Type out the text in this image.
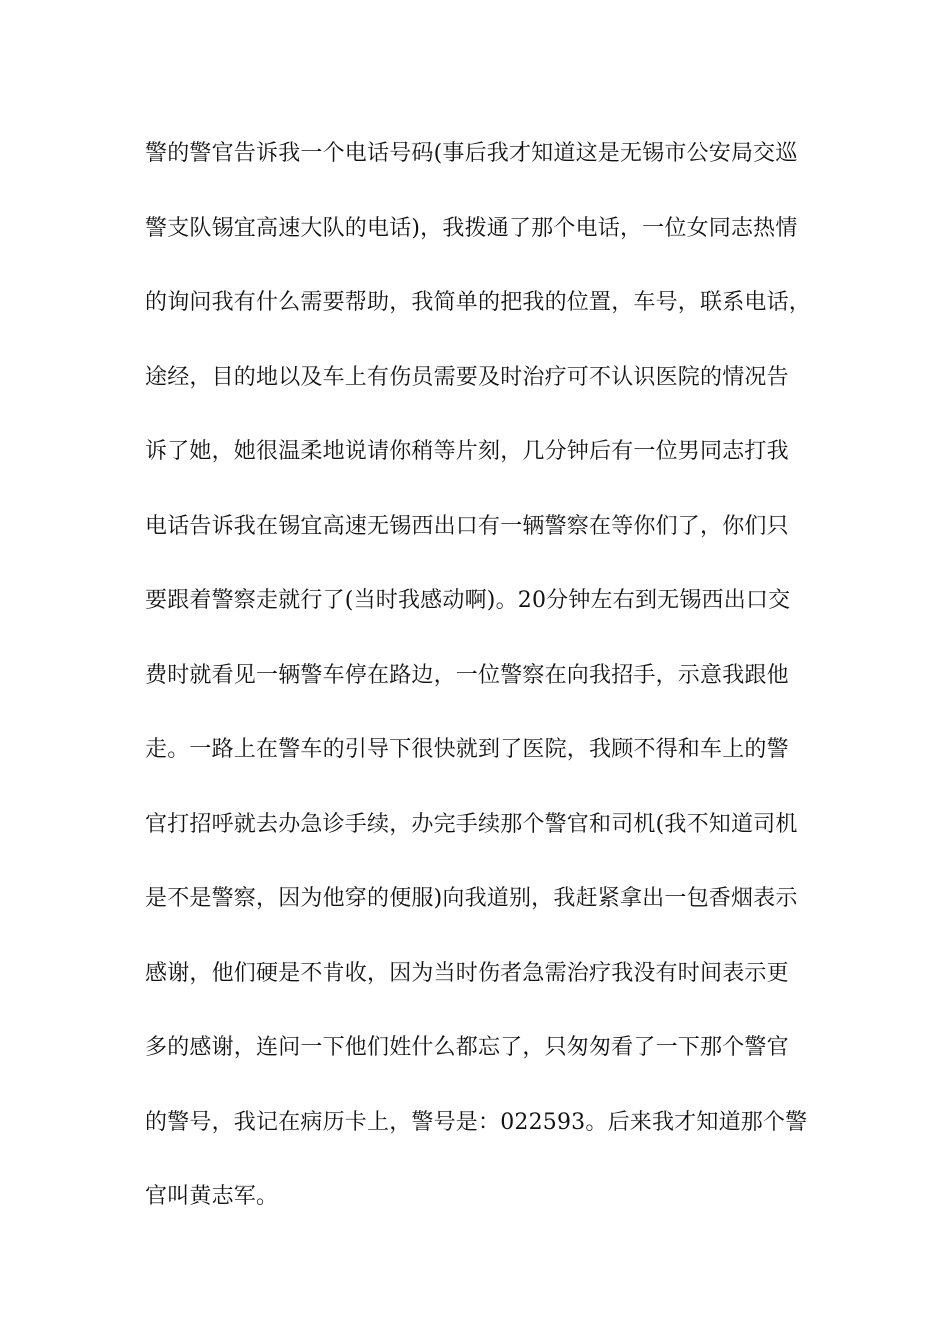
警的警官告诉我一个电话号码(事后我才知道这是无锡市公安局交巡
警支队锡宜高速大队的电话)，我拨通了那个电话，一位女同志热情
的询问我有什么需要帮助，我简单的把我的位置，车号，联系电话，
途经，目的地以及车上有伤员需要及时治疗可不认识医院的情况告
诉了她，她很温柔地说请你稍等片刻，几分钟后有一位男同志打我
电话告诉我在锡宜高速无锡西出口有一辆警察在等你们了，你们只
要跟着警察走就行了(当时我感动啊)。20分钟左右到无锡西出口交
费时就看见一辆警车停在路边，一位警察在向我招手，示意我跟他
走。一路上在警车的引导下很快就到了医院，我顾不得和车上的警
官打招呼就去办急诊手续，办完手续那个警官和司机(我不知道司机
是不是警察，因为他穿的便服)向我道别，我赶紧拿出一包香烟表示
感谢，他们硬是不肯收，因为当时伤者急需治疗我没有时间表示更
多的感谢，连问一下他们姓什么都忘了，只匆匆看了一下那个警官
的警号，我记在病历卡上，警号是：022593。后来我才知道那个警
官叫黄志军。
